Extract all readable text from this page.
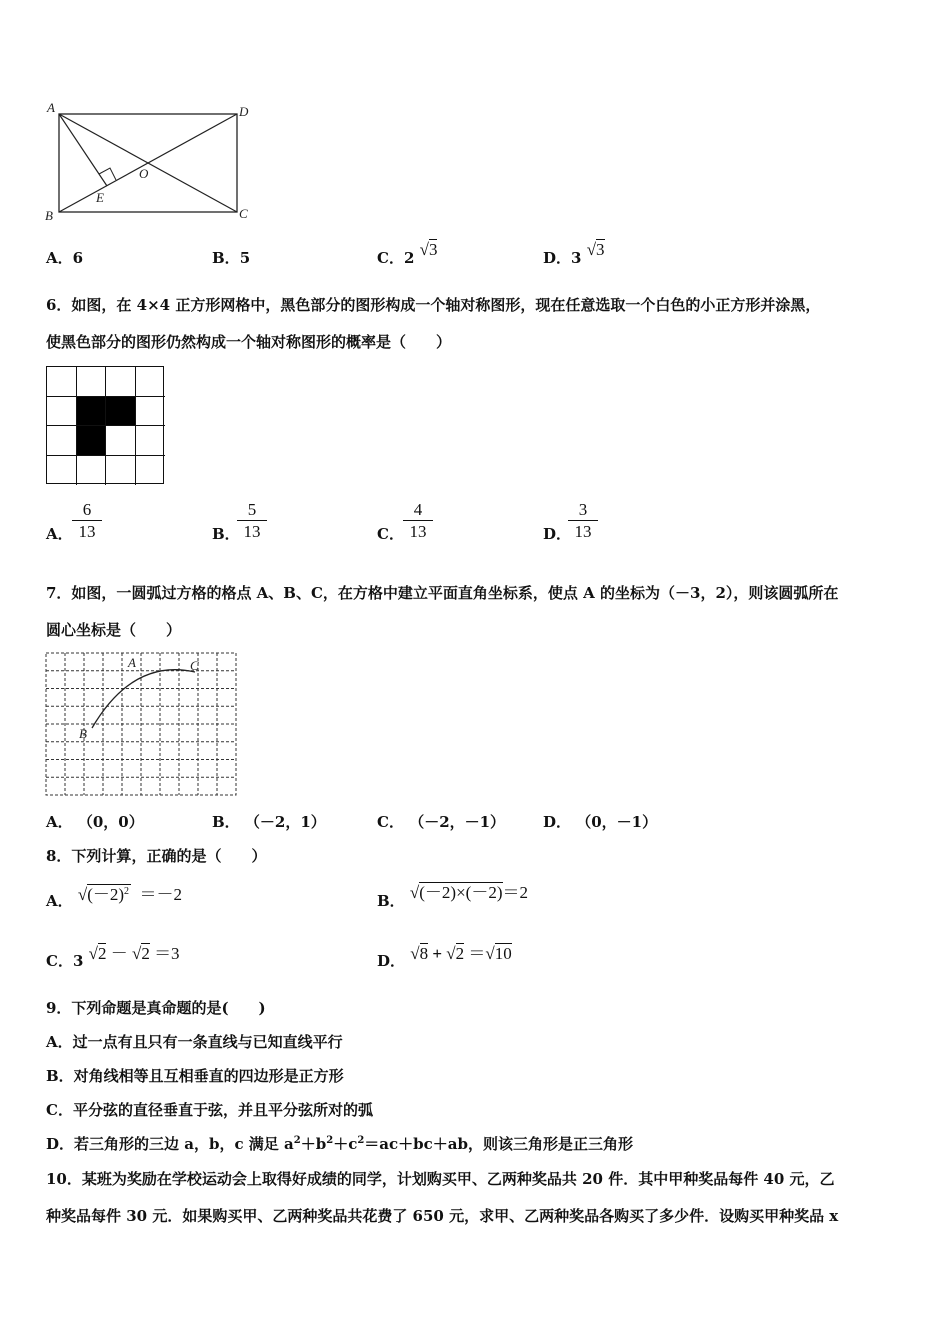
A	D
B	C
O
E
A．6	B．5	C．2 √3	D．3 √3
6．如图，在 4×4 正方形网格中，黑色部分的图形构成一个轴对称图形，现在任意选取一个白色的小正方形并涂黑，
使黑色部分的图形仍然构成一个轴对称图形的概率是（　　）
A． $\frac{6}{13}$	B．
$\frac{5}{13}$	C． $\frac{4}{13}$	D．
$\frac{3}{13}$
7．如图，一圆弧过方格的格点 A、B、C，在方格中建立平面直角坐标系，使点 A 的坐标为（－3，2），则该圆弧所在
圆心坐标是（　　）
A
B
C
A． （0，0）	B． （－2，1）	C． （－2，－1）	D． （0，－1）
8．下列计算，正确的是（　　）
A． $√(-2)^2 =-2$	B． √(－2)×(－2)＝2
C．3 √2 － √2 ＝3	D． √8 + √2 ＝√10
9．下列命题是真命题的是(　　)
A．过一点有且只有一条直线与已知直线平行
B．对角线相等且互相垂直的四边形是正方形
C．平分弦的直径垂直于弦，并且平分弦所对的弧
D．若三角形的三边 a，b，c 满足 $a^2+b^2+c^2=ac+bc+ab$，则该三角形是正三角形
10．某班为奖励在学校运动会上取得好成绩的同学，计划购买甲、乙两种奖品共 20 件．其中甲种奖品每件 40 元，乙
种奖品每件 30 元．如果购买甲、乙两种奖品共花费了 650 元，求甲、乙两种奖品各购买了多少件．设购买甲种奖品 x
